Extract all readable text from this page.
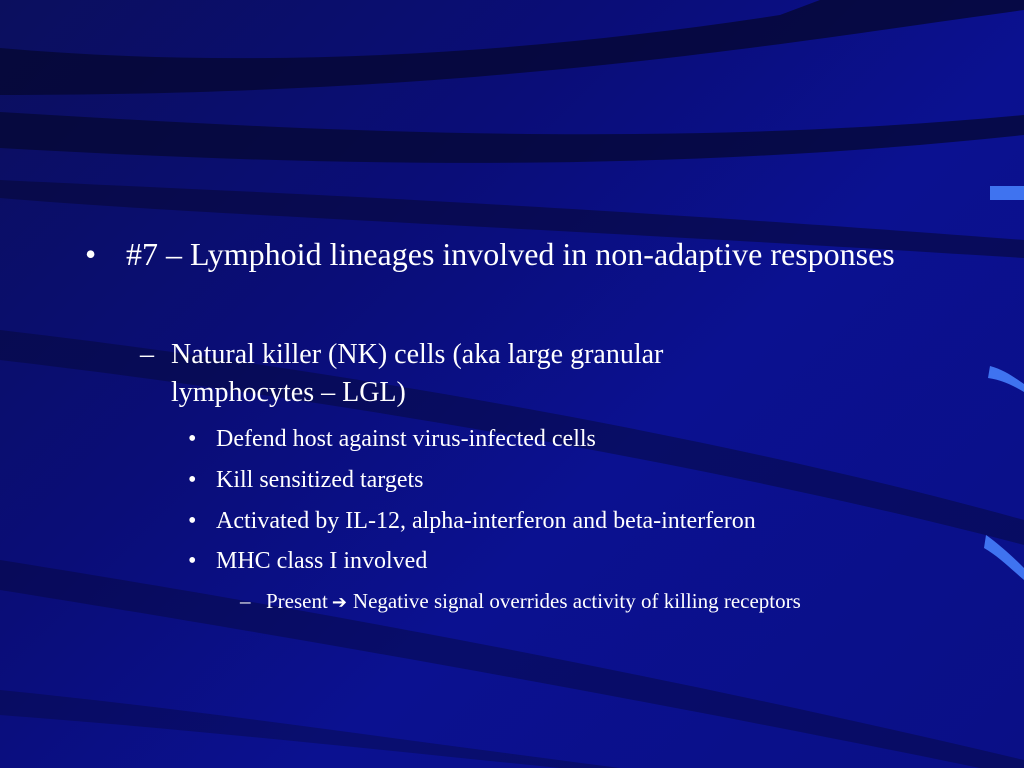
• #7 – Lymphoid lineages involved in non-adaptive responses
– Natural killer (NK) cells (aka large granular lymphocytes – LGL)
• Defend host against virus-infected cells
• Kill sensitized targets
• Activated by IL-12, alpha-interferon and beta-interferon
• MHC class I involved
– Present ➔ Negative signal overrides activity of killing receptors
